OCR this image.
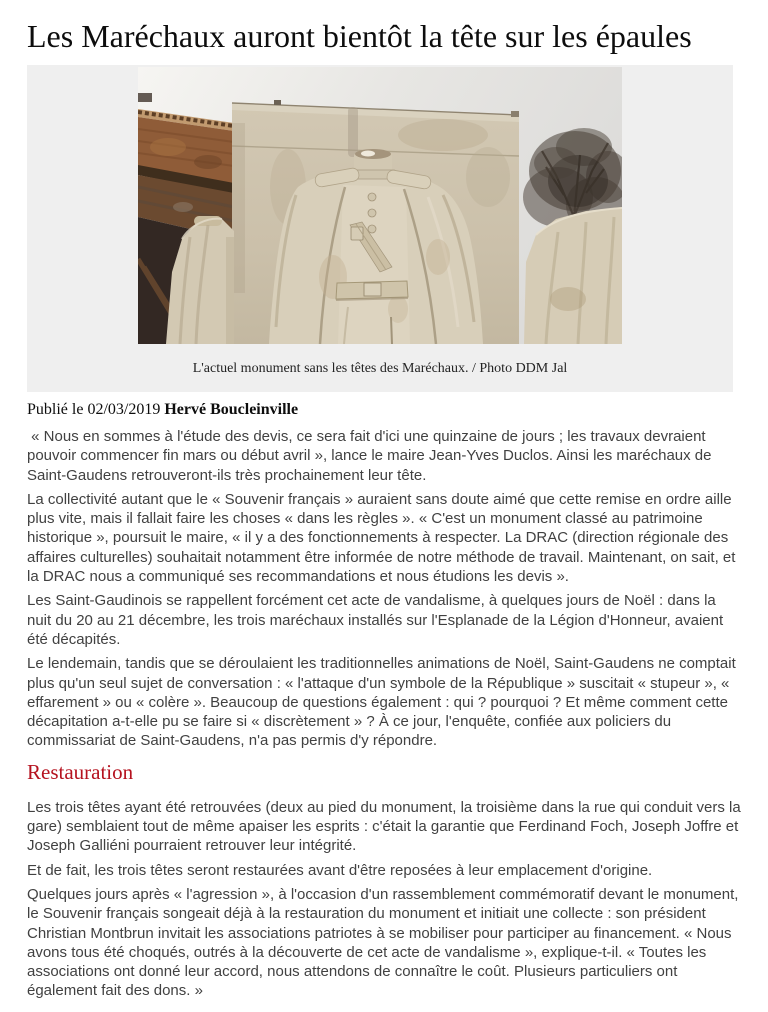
Les Maréchaux auront bientôt la tête sur les épaules
L'actuel monument sans les têtes des Maréchaux. / Photo DDM Jal

Publié le 02/03/2019 Hervé Boucleinville

« Nous en sommes à l'étude des devis, ce sera fait d'ici une quinzaine de jours ; les travaux devraient pouvoir commencer fin mars ou début avril », lance le maire Jean-Yves Duclos. Ainsi les maréchaux de Saint-Gaudens retrouveront-ils très prochainement leur tête.

La collectivité autant que le « Souvenir français » auraient sans doute aimé que cette remise en ordre aille plus vite, mais il fallait faire les choses « dans les règles ». « C'est un monument classé au patrimoine historique », poursuit le maire, « il y a des fonctionnements à respecter. La DRAC (direction régionale des affaires culturelles) souhaitait notamment être informée de notre méthode de travail. Maintenant, on sait, et la DRAC nous a communiqué ses recommandations et nous étudions les devis ».

Les Saint-Gaudinois se rappellent forcément cet acte de vandalisme, à quelques jours de Noël : dans la nuit du 20 au 21 décembre, les trois maréchaux installés sur l'Esplanade de la Légion d'Honneur, avaient été décapités.

Le lendemain, tandis que se déroulaient les traditionnelles animations de Noël, Saint-Gaudens ne comptait plus qu'un seul sujet de conversation : « l'attaque d'un symbole de la République » suscitait « stupeur », « effarement » ou « colère ». Beaucoup de questions également : qui ? pourquoi ? Et même comment cette décapitation a-t-elle pu se faire si « discrètement » ? À ce jour, l'enquête, confiée aux policiers du commissariat de Saint-Gaudens, n'a pas permis d'y répondre.

Restauration

Les trois têtes ayant été retrouvées (deux au pied du monument, la troisième dans la rue qui conduit vers la gare) semblaient tout de même apaiser les esprits : c'était la garantie que Ferdinand Foch, Joseph Joffre et Joseph Galliéni pourraient retrouver leur intégrité.

Et de fait, les trois têtes seront restaurées avant d'être reposées à leur emplacement d'origine.

Quelques jours après « l'agression », à l'occasion d'un rassemblement commémoratif devant le monument, le Souvenir français songeait déjà à la restauration du monument et initiait une collecte : son président Christian Montbrun invitait les associations patriotes à se mobiliser pour participer au financement. « Nous avons tous été choqués, outrés à la découverte de cet acte de vandalisme », explique-t-il. « Toutes les associations ont donné leur accord, nous attendons de connaître le coût. Plusieurs particuliers ont également fait des dons. »
